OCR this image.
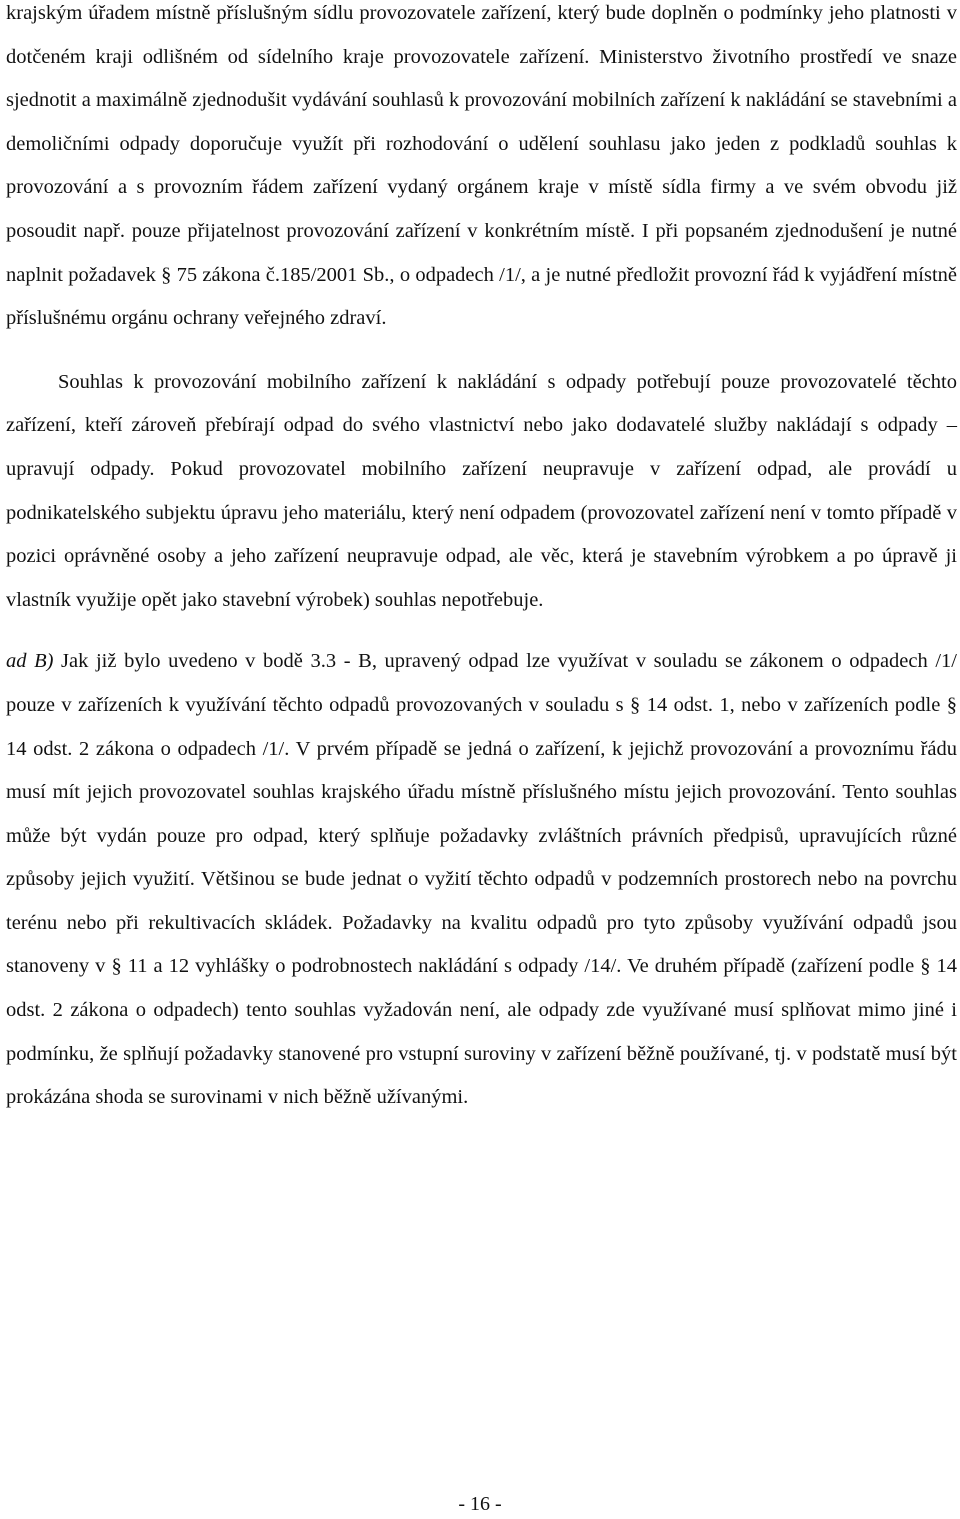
krajským úřadem místně příslušným sídlu provozovatele zařízení, který bude doplněn o podmínky jeho platnosti v dotčeném kraji odlišném od sídelního kraje provozovatele zařízení. Ministerstvo životního prostředí ve snaze sjednotit a maximálně zjednodušit vydávání souhlasů k provozování mobilních zařízení k nakládání se stavebními a demoličními odpady doporučuje využít při rozhodování o udělení souhlasu jako jeden z podkladů souhlas k provozování a s provozním řádem zařízení vydaný orgánem kraje v místě sídla firmy a ve svém obvodu již posoudit např. pouze přijatelnost provozování zařízení v konkrétním místě. I při popsaném zjednodušení je nutné naplnit požadavek § 75 zákona č.185/2001 Sb., o odpadech /1/, a je nutné předložit provozní řád k vyjádření místně příslušnému orgánu ochrany veřejného zdraví.

Souhlas k provozování mobilního zařízení k nakládání s odpady potřebují pouze provozovatelé těchto zařízení, kteří zároveň přebírají odpad do svého vlastnictví nebo jako dodavatelé služby nakládají s odpady – upravují odpady. Pokud provozovatel mobilního zařízení neupravuje v zařízení odpad, ale provádí u podnikatelského subjektu úpravu jeho materiálu, který není odpadem (provozovatel zařízení není v tomto případě v pozici oprávněné osoby a jeho zařízení neupravuje odpad, ale věc, která je stavebním výrobkem a po úpravě ji vlastník využije opět jako stavební výrobek) souhlas nepotřebuje.

ad B) Jak již bylo uvedeno v bodě 3.3 - B, upravený odpad lze využívat v souladu se zákonem o odpadech /1/ pouze v zařízeních k využívání těchto odpadů provozovaných v souladu s § 14 odst. 1, nebo v zařízeních podle § 14 odst. 2 zákona o odpadech /1/. V prvém případě se jedná o zařízení, k jejichž provozování a provoznímu řádu musí mít jejich provozovatel souhlas krajského úřadu místně příslušného místu jejich provozování. Tento souhlas může být vydán pouze pro odpad, který splňuje požadavky zvláštních právních předpisů, upravujících různé způsoby jejich využití. Většinou se bude jednat o vyžití těchto odpadů v podzemních prostorech nebo na povrchu terénu nebo při rekultivacích skládek. Požadavky na kvalitu odpadů pro tyto způsoby využívání odpadů jsou stanoveny v § 11 a 12 vyhlášky o podrobnostech nakládání s odpady /14/. Ve druhém případě (zařízení podle § 14 odst. 2 zákona o odpadech) tento souhlas vyžadován není, ale odpady zde využívané musí splňovat mimo jiné i podmínku, že splňují požadavky stanovené pro vstupní suroviny v zařízení běžně používané, tj. v podstatě musí být prokázána shoda se surovinami v nich běžně užívanými.

- 16 -
